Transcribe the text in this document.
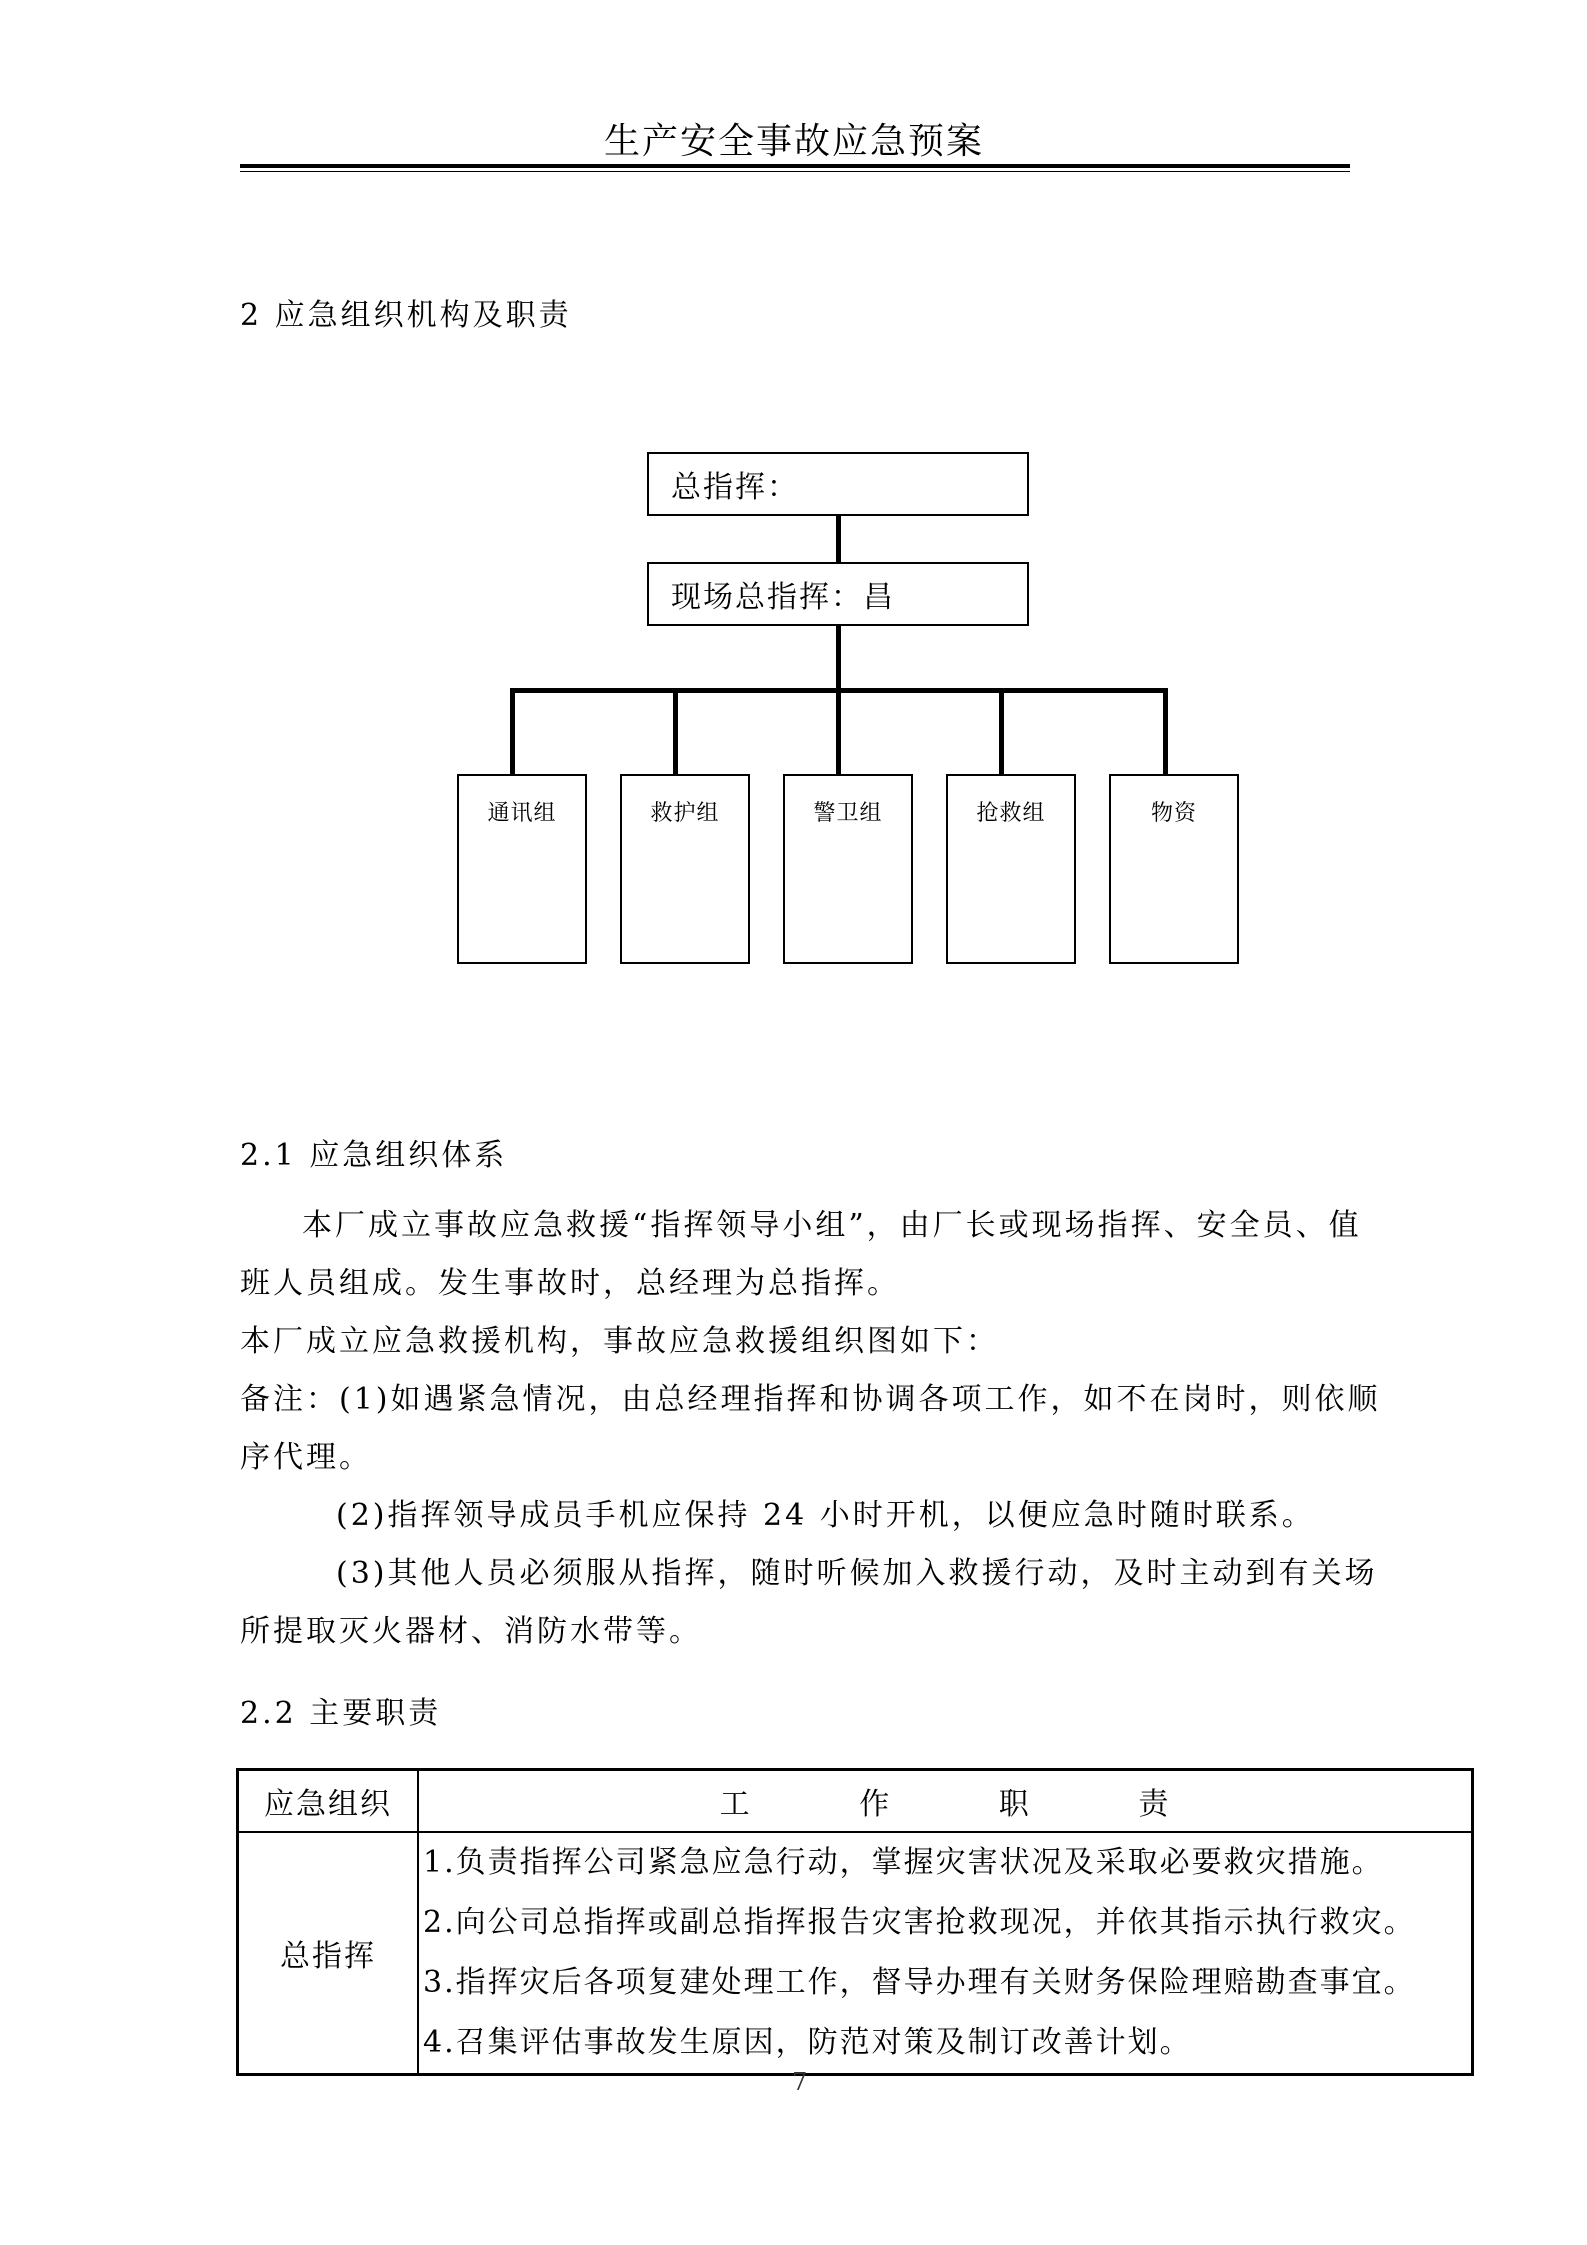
生产安全事故应急预案
2 应急组织机构及职责
总指挥：
现场总指挥：昌
通讯组	救护组	警卫组	抢救组	物资
2.1 应急组织体系
本厂成立事故应急救援“指挥领导小组”，由厂长或现场指挥、安全员、值
班人员组成。发生事故时，总经理为总指挥。
本厂成立应急救援机构，事故应急救援组织图如下：
备注：(1)如遇紧急情况，由总经理指挥和协调各项工作，如不在岗时，则依顺
序代理。
(2)指挥领导成员手机应保持 24 小时开机，以便应急时随时联系。
(3)其他人员必须服从指挥，随时听候加入救援行动，及时主动到有关场
所提取灭火器材、消防水带等。
2.2 主要职责
应急组织	工 作 职 责
总指挥	1.负责指挥公司紧急应急行动，掌握灾害状况及采取必要救灾措施。
2.向公司总指挥或副总指挥报告灾害抢救现况，并依其指示执行救灾。
3.指挥灾后各项复建处理工作，督导办理有关财务保险理赔勘查事宜。
4.召集评估事故发生原因，防范对策及制订改善计划。
7
